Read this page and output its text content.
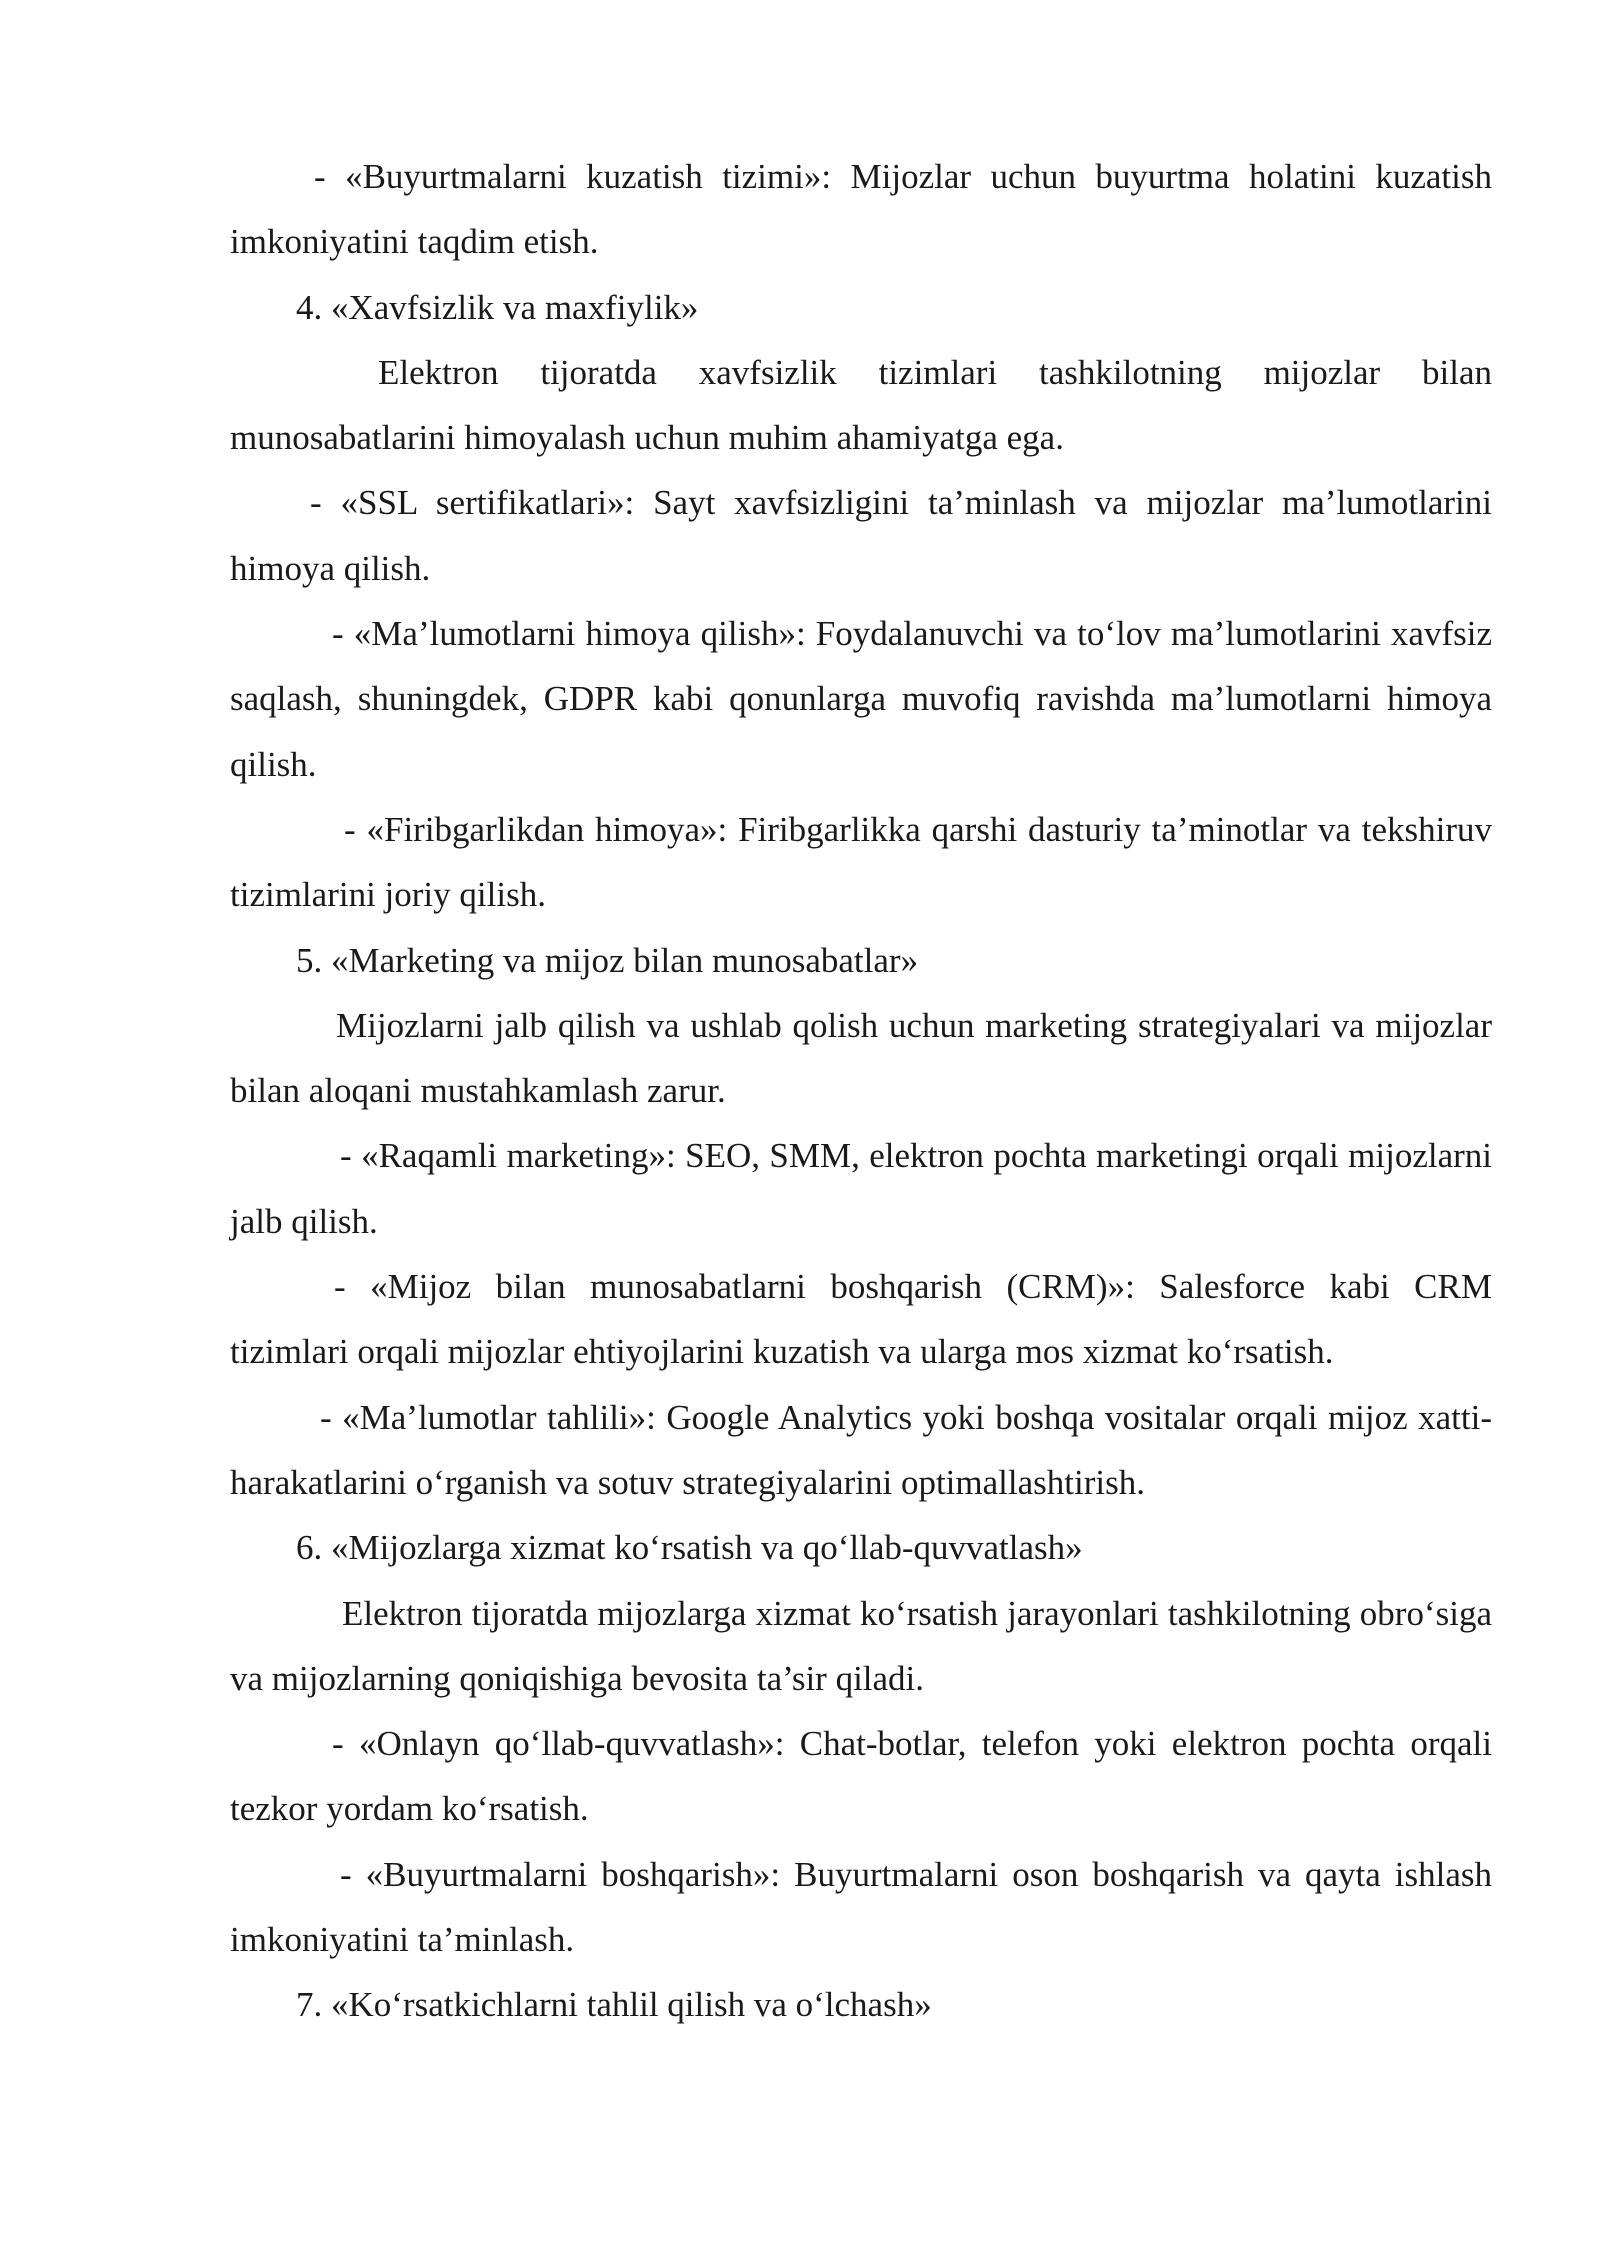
- «Buyurtmalarni kuzatish tizimi»: Mijozlar uchun buyurtma holatini kuzatish imkoniyatini taqdim etish.

4. «Xavfsizlik va maxfiylik»

Elektron tijoratda xavfsizlik tizimlari tashkilotning mijozlar bilan munosabatlarini himoyalash uchun muhim ahamiyatga ega.

- «SSL sertifikatlari»: Sayt xavfsizligini ta’minlash va mijozlar ma’lumotlarini himoya qilish.

- «Ma’lumotlarni himoya qilish»: Foydalanuvchi va to‘lov ma’lumotlarini xavfsiz saqlash, shuningdek, GDPR kabi qonunlarga muvofiq ravishda ma’lumotlarni himoya qilish.

- «Firibgarlikdan himoya»: Firibgarlikka qarshi dasturiy ta’minotlar va tekshiruv tizimlarini joriy qilish.

5. «Marketing va mijoz bilan munosabatlar»

Mijozlarni jalb qilish va ushlab qolish uchun marketing strategiyalari va mijozlar bilan aloqani mustahkamlash zarur.

- «Raqamli marketing»: SEO, SMM, elektron pochta marketingi orqali mijozlarni jalb qilish.

- «Mijoz bilan munosabatlarni boshqarish (CRM)»: Salesforce kabi CRM tizimlari orqali mijozlar ehtiyojlarini kuzatish va ularga mos xizmat ko‘rsatish.

- «Ma’lumotlar tahlili»: Google Analytics yoki boshqa vositalar orqali mijoz xatti-harakatlarini o‘rganish va sotuv strategiyalarini optimallashtirish.

6. «Mijozlarga xizmat ko‘rsatish va qo‘llab-quvvatlash»

Elektron tijoratda mijozlarga xizmat ko‘rsatish jarayonlari tashkilotning obro‘siga va mijozlarning qoniqishiga bevosita ta’sir qiladi.

- «Onlayn qo‘llab-quvvatlash»: Chat-botlar, telefon yoki elektron pochta orqali tezkor yordam ko‘rsatish.

- «Buyurtmalarni boshqarish»: Buyurtmalarni oson boshqarish va qayta ishlash imkoniyatini ta’minlash.

7. «Ko‘rsatkichlarni tahlil qilish va o‘lchash»
